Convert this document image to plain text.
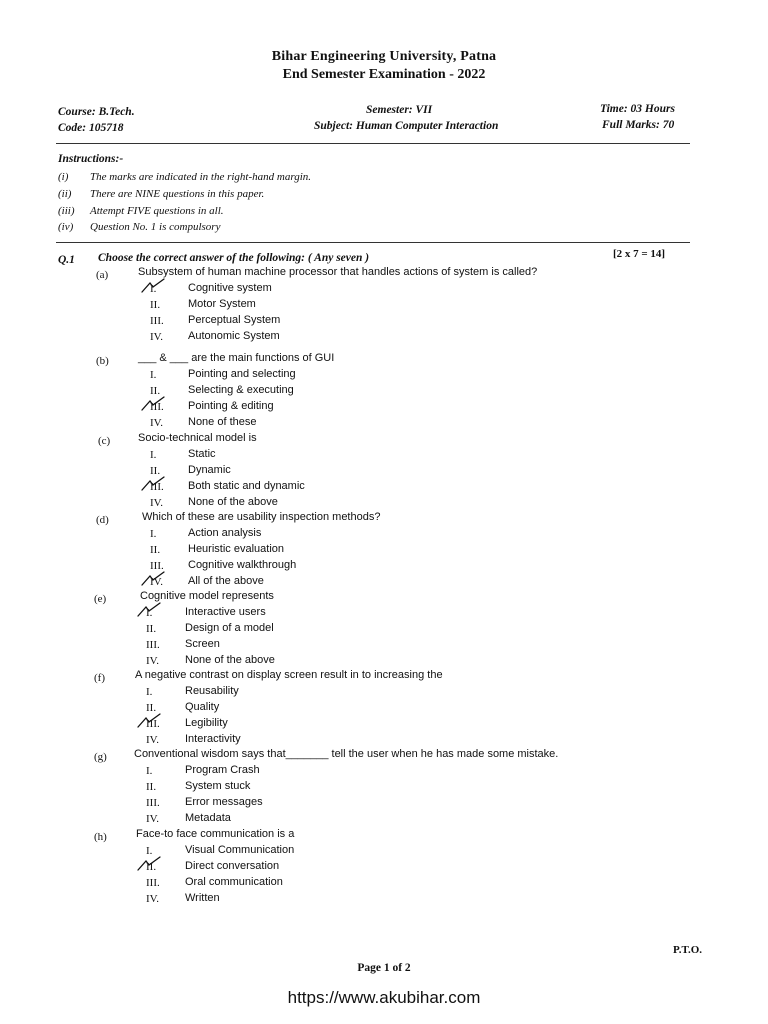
Bihar Engineering University, Patna
End Semester Examination - 2022
Course: B.Tech.
Code: 105718
Semester: VII
Subject: Human Computer Interaction
Time: 03 Hours
Full Marks: 70
Instructions:-
(i) The marks are indicated in the right-hand margin.
(ii) There are NINE questions in this paper.
(iii) Attempt FIVE questions in all.
(iv) Question No. 1 is compulsory
Q.1 Choose the correct answer of the following: ( Any seven )	[2 x 7 = 14]
(a)	Subsystem of human machine processor that handles actions of system is called?
I.	Cognitive system
II.	Motor System
III. Perceptual System
IV. Autonomic System
(b)	___ & ___ are the main functions of GUI
I.	Pointing and selecting
II.	Selecting & executing
III. Pointing & editing
IV. None of these
(c)	Socio-technical model is
I.	Static
II.	Dynamic
III. Both static and dynamic
IV. None of the above
(d)	Which of these are usability inspection methods?
I.	Action analysis
II.	Heuristic evaluation
III. Cognitive walkthrough
IV. All of the above
(e)	Cognitive model represents
I.	Interactive users
II.	Design of a model
III. Screen
IV. None of the above
(f)	A negative contrast on display screen result in to increasing the
I.	Reusability
II.	Quality
III. Legibility
IV. Interactivity
(g) Conventional wisdom says that_______ tell the user when he has made some mistake.
I.	Program Crash
II.	System stuck
III. Error messages
IV. Metadata
(h)	Face-to face communication is a
I.	Visual Communication
II.	Direct conversation
III. Oral communication
IV. Written
P.T.O.
Page 1 of 2
https://www.akubihar.com
